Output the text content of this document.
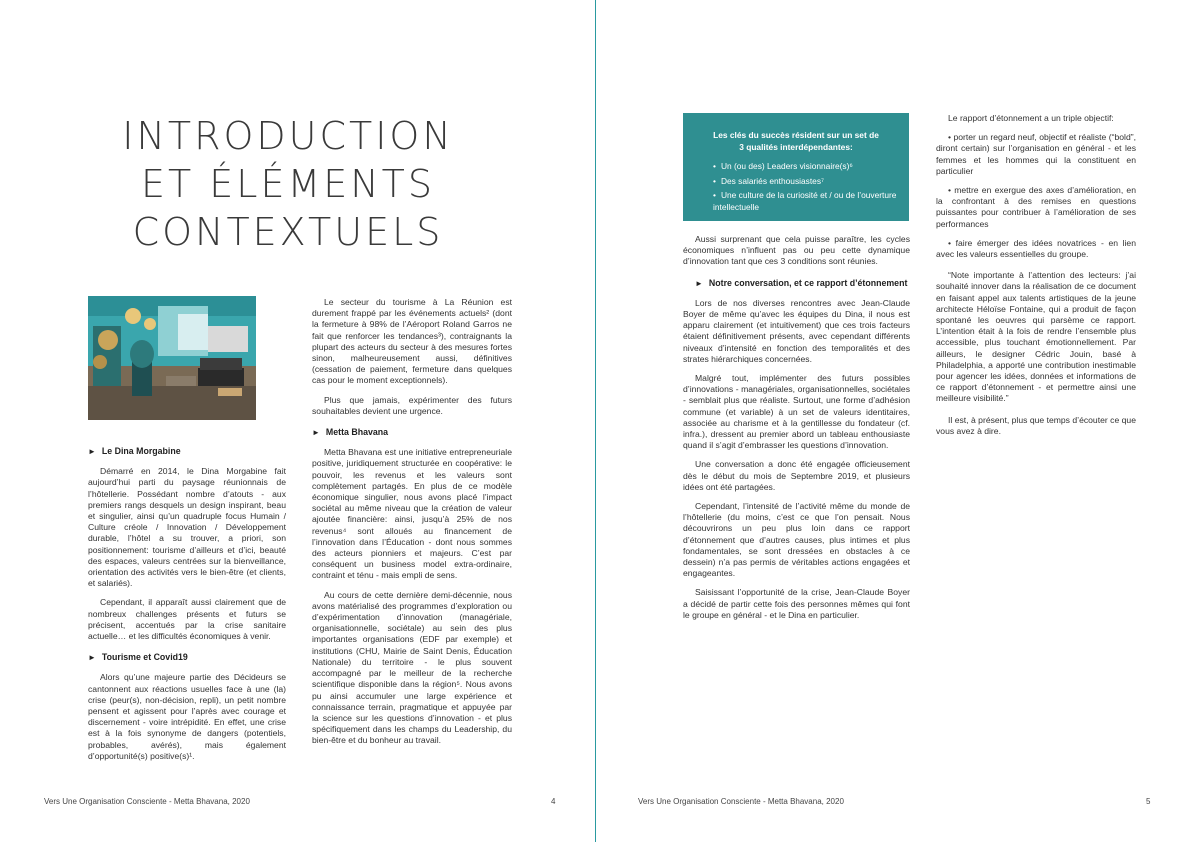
INTRODUCTION
ET ÉLÉMENTS
CONTEXTUELS
► Le Dina Morgabine

Démarré en 2014, le Dina Morgabine fait aujourd’hui parti du paysage réunionnais de l’hôtellerie. Possédant nombre d’atouts - aux premiers rangs desquels un design inspirant, beau et singulier, ainsi qu’un quadruple focus Humain / Culture créole / Innovation / Développement durable, l’hôtel a su trouver, a priori, son positionnement: tourisme d’ailleurs et d’ici, beauté des espaces, valeurs centrées sur la bienveillance, orientation des activités vers le bien-être (et clients, et salariés).

Cependant, il apparaît aussi clairement que de nombreux challenges présents et futurs se précisent, accentués par la crise sanitaire actuelle… et les difficultés économiques à venir.

► Tourisme et Covid19

Alors qu’une majeure partie des Décideurs se cantonnent aux réactions usuelles face à une (la) crise (peur(s), non-décision, repli), un petit nombre pensent et agissent pour l’après avec courage et discernement - voire intrépidité. En effet, une crise est à la fois synonyme de dangers (potentiels, probables, avérés), mais également d’opportunité(s) positive(s)¹.

Le secteur du tourisme à La Réunion est durement frappé par les événements actuels² (dont la fermeture à 98% de l’Aéroport Roland Garros ne fait que renforcer les tendances³), contraignants la plupart des acteurs du secteur à des mesures fortes sinon, malheureusement aussi, définitives (cessation de paiement, fermeture dans quelques cas pour le moment exceptionnels).

Plus que jamais, expérimenter des futurs souhaitables devient une urgence.

► Metta Bhavana

Metta Bhavana est une initiative entrepreneuriale positive, juridiquement structurée en coopérative: le pouvoir, les revenus et les valeurs sont complètement partagés. En plus de ce modèle économique singulier, nous avons placé l’impact sociétal au même niveau que la création de valeur ajoutée financière: ainsi, jusqu’à 25% de nos revenus⁴ sont alloués au financement de l’innovation dans l’Éducation - dont nous sommes des acteurs pionniers et majeurs. C’est par conséquent un business model extra-ordinaire, contraint et ténu - mais empli de sens.

Au cours de cette dernière demi-décennie, nous avons matérialisé des programmes d’exploration ou d’expérimentation d’innovation (managériale, organisationnelle, sociétale) au sein des plus importantes organisations (EDF par exemple) et institutions (CHU, Mairie de Saint Denis, Éducation Nationale) du territoire - le plus souvent accompagné par le meilleur de la recherche scientifique disponible dans la région⁵. Nous avons pu ainsi accumuler une large expérience et connaissance terrain, pragmatique et appuyée par la science sur les questions d’innovation - et plus spécifiquement dans les champs du Leadership, du bien-être et du bonheur au travail.

Vers Une Organisation Consciente - Metta Bhavana, 2020	4
Les clés du succès résident sur un set de 3 qualités interdépendantes:
• Un (ou des) Leaders visionnaire(s)⁶
• Des salariés enthousiastes⁷
• Une culture de la curiosité et / ou de l’ouverture intellectuelle

Aussi surprenant que cela puisse paraître, les cycles économiques n’influent pas ou peu cette dynamique d’innovation tant que ces 3 conditions sont réunies.

► Notre conversation, et ce rapport d’étonnement

Lors de nos diverses rencontres avec Jean-Claude Boyer de même qu’avec les équipes du Dina, il nous est apparu clairement (et intuitivement) que ces trois facteurs étaient définitivement présents, avec cependant différents niveaux d’intensité en fonction des temporalités et des strates hiérarchiques concernées.

Malgré tout, implémenter des futurs possibles d’innovations - managériales, organisationnelles, sociétales - semblait plus que réaliste. Surtout, une forme d’adhésion commune (et variable) à un set de valeurs identitaires, associée au charisme et à la gentillesse du fondateur (cf. infra.), dressent au premier abord un tableau enthousiaste quand il s’agit d’embrasser les questions d’innovation.

Une conversation a donc été engagée officieusement dès le début du mois de Septembre 2019, et plusieurs idées ont été partagées.

Cependant, l’intensité de l’activité même du monde de l’hôtellerie (du moins, c’est ce que l’on pensait. Nous découvrirons un peu plus loin dans ce rapport d’étonnement que d’autres causes, plus intimes et plus fondamentales, se sont dressées en obstacles à ce dessein) n’a pas permis de véritables actions engagées et engageantes.

Saisissant l’opportunité de la crise, Jean-Claude Boyer a décidé de partir cette fois des personnes mêmes qui font le groupe en général - et le Dina en particulier.

Le rapport d’étonnement a un triple objectif:

• porter un regard neuf, objectif et réaliste (“bold”, diront certain) sur l’organisation en général - et les femmes et les hommes qui la constituent en particulier

• mettre en exergue des axes d’amélioration, en la confrontant à des remises en questions puissantes pour contribuer à l’amélioration de ses performances

• faire émerger des idées novatrices - en lien avec les valeurs essentielles du groupe.

“Note importante à l’attention des lecteurs: j’ai souhaité innover dans la réalisation de ce document en faisant appel aux talents artistiques de la jeune architecte Héloïse Fontaine, qui a produit de façon spontané les oeuvres qui parsème ce rapport. L’intention était à la fois de rendre l’ensemble plus accessible, plus touchant émotionnellement. Par ailleurs, le designer Cédric Jouin, basé à Philadelphia, a apporté une contribution inestimable pour agencer les idées, données et informations de ce rapport d’étonnement - et permettre ainsi une meilleure visibilité.”

Il est, à présent, plus que temps d’écouter ce que vous avez à dire.

Vers Une Organisation Consciente - Metta Bhavana, 2020	5
